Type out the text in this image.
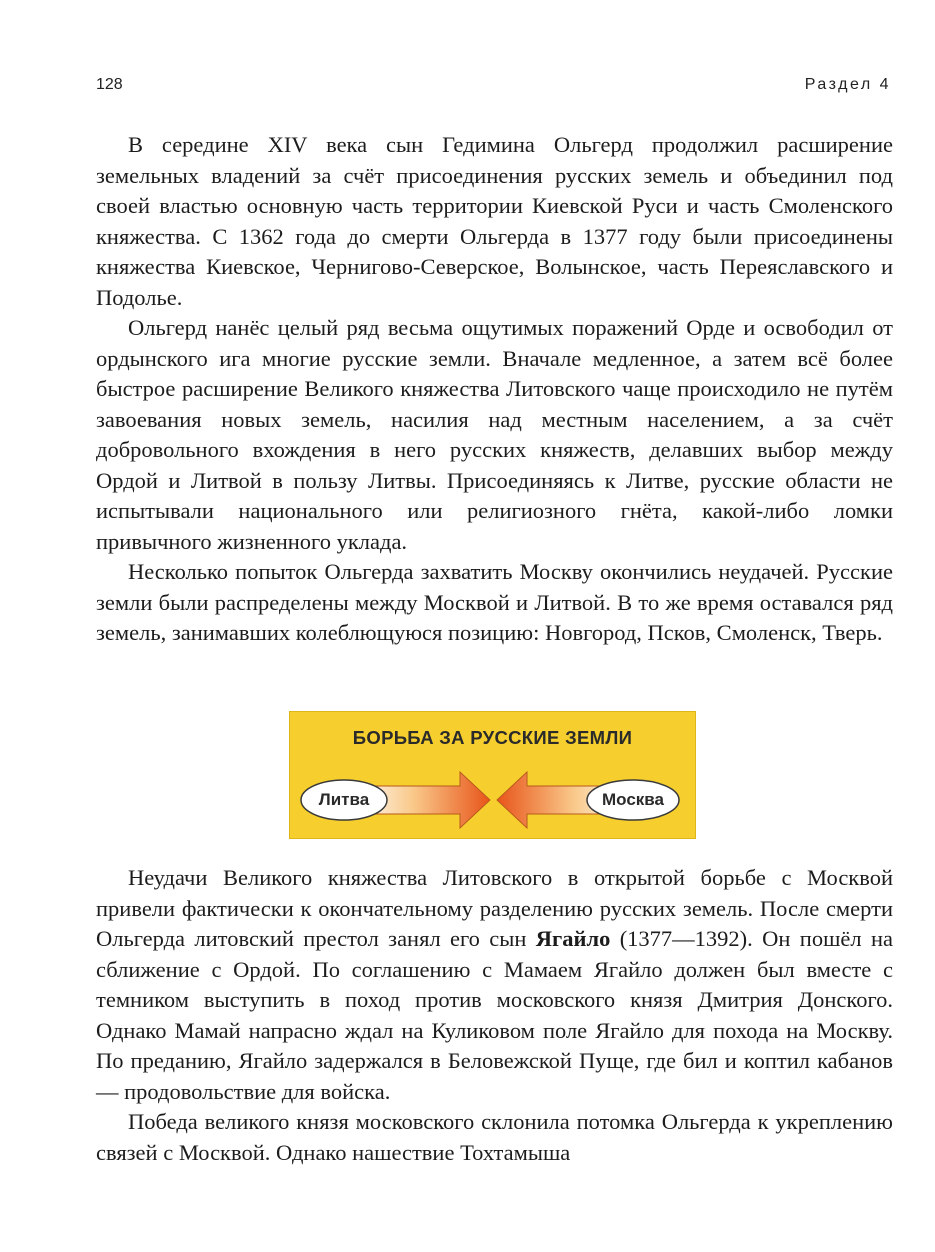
128	Раздел 4

В середине XIV века сын Гедимина Ольгерд продолжил расширение земельных владений за счёт присоединения русских земель и объединил под своей властью основную часть территории Киевской Руси и часть Смоленского княжества. С 1362 года до смерти Ольгерда в 1377 году были присоединены княжества Киевское, Чернигово-Северское, Волынское, часть Переяславского и Подолье.

Ольгерд нанёс целый ряд весьма ощутимых поражений Орде и освободил от ордынского ига многие русские земли. Вначале медленное, а затем всё более быстрое расширение Великого княжества Литовского чаще происходило не путём завоевания новых земель, насилия над местным населением, а за счёт добровольного вхождения в него русских княжеств, делавших выбор между Ордой и Литвой в пользу Литвы. Присоединяясь к Литве, русские области не испытывали национального или религиозного гнёта, какой-либо ломки привычного жизненного уклада.

Несколько попыток Ольгерда захватить Москву окончились неудачей. Русские земли были распределены между Москвой и Литвой. В то же время оставался ряд земель, занимавших колеблющуюся позицию: Новгород, Псков, Смоленск, Тверь.

БОРЬБА ЗА РУССКИЕ ЗЕМЛИ
Литва	Москва

Неудачи Великого княжества Литовского в открытой борьбе с Москвой привели фактически к окончательному разделению русских земель. После смерти Ольгерда литовский престол занял его сын Ягайло (1377—1392). Он пошёл на сближение с Ордой. По соглашению с Мамаем Ягайло должен был вместе с темником выступить в поход против московского князя Дмитрия Донского. Однако Мамай напрасно ждал на Куликовом поле Ягайло для похода на Москву. По преданию, Ягайло задержался в Беловежской Пуще, где бил и коптил кабанов — продовольствие для войска.

Победа великого князя московского склонила потомка Ольгерда к укреплению связей с Москвой. Однако нашествие Тохтамыша
